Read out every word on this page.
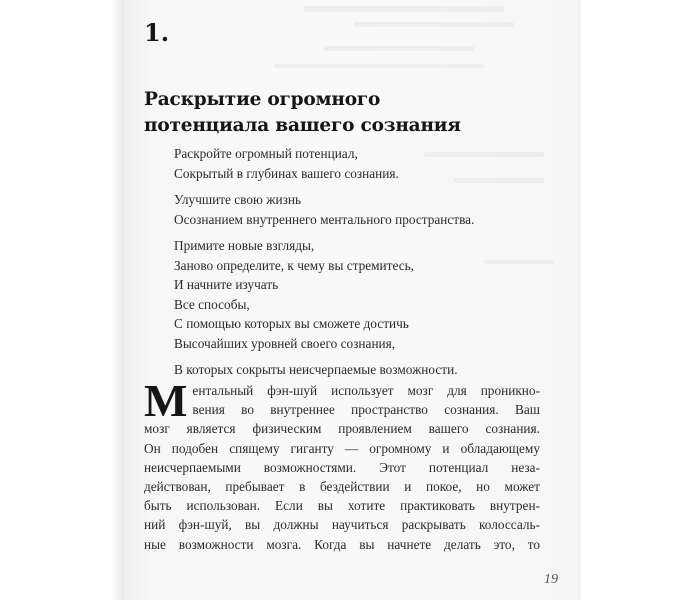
1.
Раскрытие огромного
потенциала вашего сознания
Раскройте огромный потенциал,
Сокрытый в глубинах вашего сознания.
Улучшите свою жизнь
Осознанием внутреннего ментального пространства.
Примите новые взгляды,
Заново определите, к чему вы стремитесь,
И начните изучать
Все способы,
С помощью которых вы сможете достичь
Высочайших уровней своего сознания,
В которых сокрыты неисчерпаемые возможности.
М ентальный фэн-шуй использует мозг для проникно-
вения во внутреннее пространство сознания. Ваш
мозг является физическим проявлением вашего сознания.
Он подобен спящему гиганту — огромному и обладающему
неисчерпаемыми возможностями. Этот потенциал неза-
действован, пребывает в бездействии и покое, но может
быть использован. Если вы хотите практиковать внутрен-
ний фэн-шуй, вы должны научиться раскрывать колоссаль-
ные возможности мозга. Когда вы начнете делать это, то

19
